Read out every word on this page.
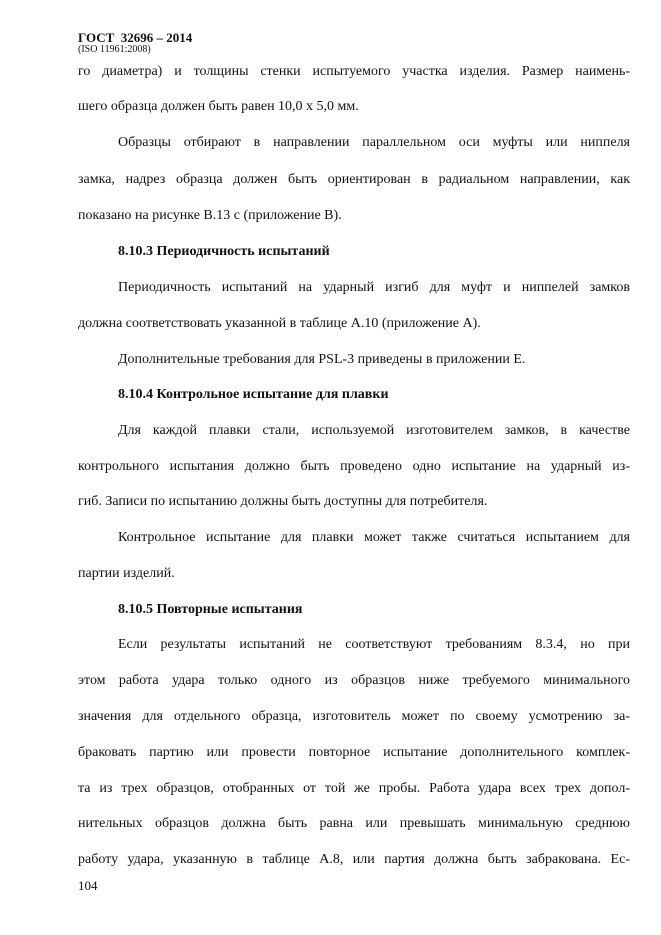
ГОСТ  32696 – 2014
(ISO 11961:2008)
го диаметра) и толщины стенки испытуемого участка изделия. Размер наимень-
шего образца должен быть равен 10,0 х 5,0 мм.
Образцы отбирают в направлении параллельном оси муфты или ниппеля
замка, надрез образца должен быть ориентирован в радиальном направлении, как
показано на рисунке В.13 с (приложение В).
8.10.3 Периодичность испытаний
Периодичность испытаний на ударный изгиб для муфт и ниппелей замков
должна соответствовать указанной в таблице А.10 (приложение А).
Дополнительные требования для PSL-3 приведены в приложении Е.
8.10.4 Контрольное испытание для плавки
Для каждой плавки стали, используемой изготовителем замков, в качестве
контрольного испытания должно быть проведено одно испытание на ударный из-
гиб. Записи по испытанию должны быть доступны для потребителя.
Контрольное испытание для плавки может также считаться испытанием для
партии изделий.
8.10.5 Повторные испытания
Если результаты испытаний не соответствуют требованиям 8.3.4, но при
этом работа удара только одного из образцов ниже требуемого минимального
значения для отдельного образца, изготовитель может по своему усмотрению за-
браковать партию или провести повторное испытание дополнительного комплек-
та из трех образцов, отобранных от той же пробы. Работа удара всех трех допол-
нительных образцов должна быть равна или превышать минимальную среднюю
работу удара, указанную в таблице А.8, или партия должна быть забракована. Ес-
104
